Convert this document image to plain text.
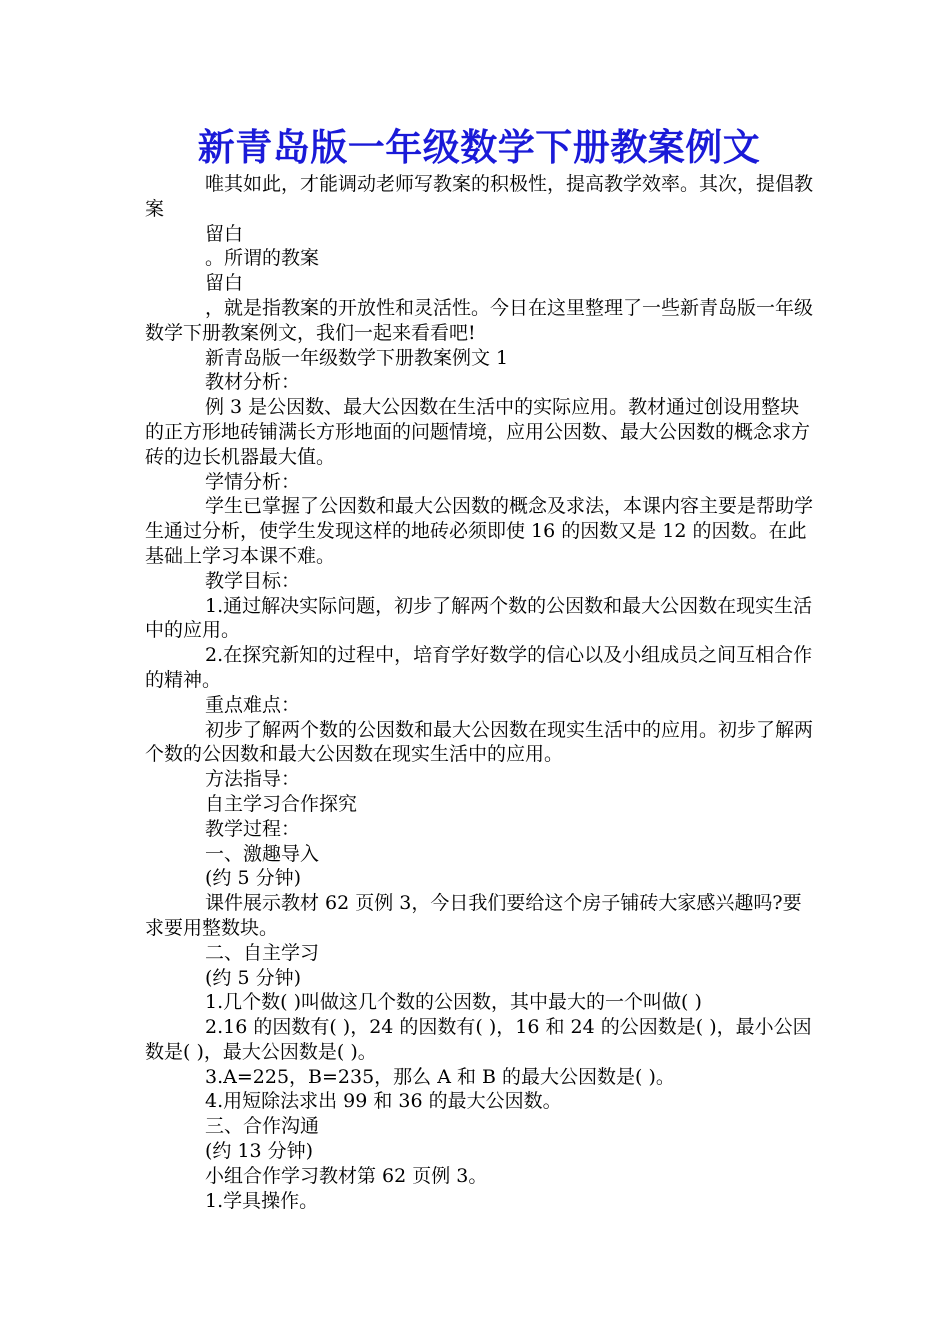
新青岛版一年级数学下册教案例文

唯其如此，才能调动老师写教案的积极性，提高教学效率。其次，提倡教案

留白

。所谓的教案

留白

，就是指教案的开放性和灵活性。今日在这里整理了一些新青岛版一年级数学下册教案例文，我们一起来看看吧!

新青岛版一年级数学下册教案例文 1

教材分析：

例 3 是公因数、最大公因数在生活中的实际应用。教材通过创设用整块的正方形地砖铺满长方形地面的问题情境，应用公因数、最大公因数的概念求方砖的边长机器最大值。

学情分析：

学生已掌握了公因数和最大公因数的概念及求法，本课内容主要是帮助学生通过分析，使学生发现这样的地砖必须即使 16 的因数又是 12 的因数。在此基础上学习本课不难。

教学目标：

1.通过解决实际问题，初步了解两个数的公因数和最大公因数在现实生活中的应用。

2.在探究新知的过程中，培育学好数学的信心以及小组成员之间互相合作的精神。

重点难点：

初步了解两个数的公因数和最大公因数在现实生活中的应用。初步了解两个数的公因数和最大公因数在现实生活中的应用。

方法指导：

自主学习合作探究

教学过程：

一、激趣导入

(约 5 分钟)

课件展示教材 62 页例 3，今日我们要给这个房子铺砖大家感兴趣吗?要求要用整数块。

二、自主学习

(约 5 分钟)

1.几个数( )叫做这几个数的公因数，其中最大的一个叫做( )

2.16 的因数有( )，24 的因数有( )，16 和 24 的公因数是( )，最小公因数是( )，最大公因数是( )。

3.A=225，B=235，那么 A 和 B 的最大公因数是( )。

4.用短除法求出 99 和 36 的最大公因数。

三、合作沟通

(约 13 分钟)

小组合作学习教材第 62 页例 3。

1.学具操作。
